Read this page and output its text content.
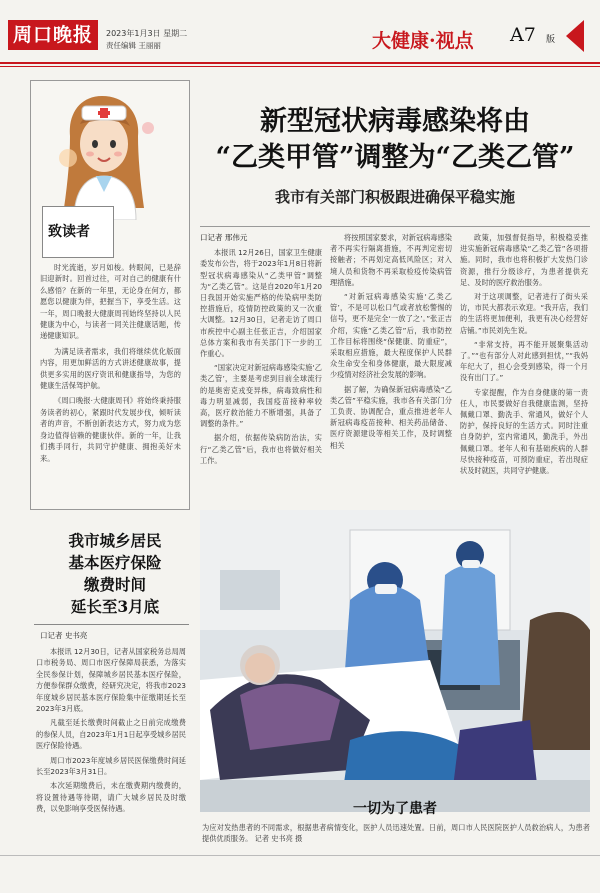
周口晚报	2023年1月3日 星期二
责任编辑 王丽丽	大健康·视点 A7 版
致读者

时光流逝，岁月如梭。转眼间，已是辞旧迎新时。回首过往，可对自己的健康有什么感悟？在新的一年里，无论身在何方，都愿您以健康为伴，把握当下，享受生活。这一年，周口晚报大健康周刊始终坚持以人民健康为中心，与读者一同关注健康话题，传递健康知识。

为满足读者需求，我们将继续优化版面内容，用更加鲜活的方式讲述健康故事，提供更多实用的医疗资讯和健康指导，为您的健康生活保驾护航。

《周口晚报·大健康周刊》将始终秉持服务读者的初心，紧跟时代发展步伐，倾听读者的声音，不断创新表达方式，努力成为您身边值得信赖的健康伙伴。新的一年，让我们携手同行，共同守护健康、拥抱美好未来。

我市城乡居民
基本医疗保险
缴费时间
延长至3月底
口记者 史书亮

本报讯 12月30日，记者从国家税务总局周口市税务局、周口市医疗保障局获悉，为落实全民参保计划，保障城乡居民基本医疗保险，方便参保群众缴费，经研究决定，将我市2023年度城乡居民基本医疗保险集中征缴期延长至2023年3月底。

凡截至延长缴费时间截止之日前完成缴费的参保人员，自2023年1月1日起享受城乡居民医疗保险待遇。

周口市2023年度城乡居民医保缴费时间延长至2023年3月31日。

本次延期缴费后，未在缴费期内缴费的，将设置待遇等待期，请广大城乡居民及时缴费，以免影响享受医保待遇。

新型冠状病毒感染将由
“乙类甲管”调整为“乙类乙管”
我市有关部门积极跟进确保平稳实施
口记者 邢伟元

本报讯 12月26日，国家卫生健康委发布公告，将于2023年1月8日将新型冠状病毒感染从“乙类甲管”调整为“乙类乙管”。这是自2020年1月20日我国开始实施严格的传染病甲类防控措施后，疫情防控政策的又一次重大调整。12月30日，记者走访了周口市疾控中心副主任张正吉，介绍国家总体方案和我市有关部门下一步的工作重心。

“国家决定对新冠病毒感染实施‘乙类乙管’，主要是考虑到目前全球流行的是奥密克戎变异株，病毒致病性和毒力明显减弱，我国疫苗接种率较高，医疗救治能力不断增强，具备了调整的条件。”

据介绍，依据传染病防治法，实行“乙类乙管”后，我市也将做好相关工作。

将按照国家要求，对新冠病毒感染者不再实行隔离措施，不再判定密切接触者；不再划定高低风险区；对入境人员和货物不再采取检疫传染病管理措施。

“对新冠病毒感染实施‘乙类乙管’，不是可以松口气或者放松警惕的信号，更不是完全‘一放了之’。”张正吉介绍，实施“乙类乙管”后，我市防控工作目标将围绕“保健康、防重症”，采取相应措施，最大程度保护人民群众生命安全和身体健康，最大限度减少疫情对经济社会发展的影响。

据了解，为确保新冠病毒感染“乙类乙管”平稳实施，我市各有关部门分工负责、协调配合，重点推进老年人新冠病毒疫苗接种、相关药品储备、医疗资源建设等相关工作，及时调整相关

政策，加强督促指导，积极稳妥推进实施新冠病毒感染“乙类乙管”各项措施。同时，我市也将积极扩大发热门诊资源，推行分级诊疗，为患者提供充足、及时的医疗救治服务。

对于这项调整，记者进行了街头采访，市民大都表示欢迎。“我开店，我们的生活将更加便利，我更有决心经营好店铺。”市民刘先生说。

“非常支持，再不能开展聚集活动了。”“也有部分人对此感到担忧，”“我妈年纪大了，担心会受到感染，得一个月没有出门了。”

专家提醒，作为自身健康的第一责任人，市民要做好自我健康监测，坚持佩戴口罩、勤洗手、常通风，做好个人防护，保持良好的生活方式。同时注重自身防护，室内常通风，勤洗手，外出佩戴口罩。老年人和有基础疾病的人群尽快接种疫苗，可预防重症，若出现症状及时就医，共同守护健康。

一切为了患者
为应对发热患者的不同需求，根据患者病情变化，医护人员迅速处置。日前，周口市人民医院医护人员救治病人，为患者提供优质服务。 记者 史书亮 摄
